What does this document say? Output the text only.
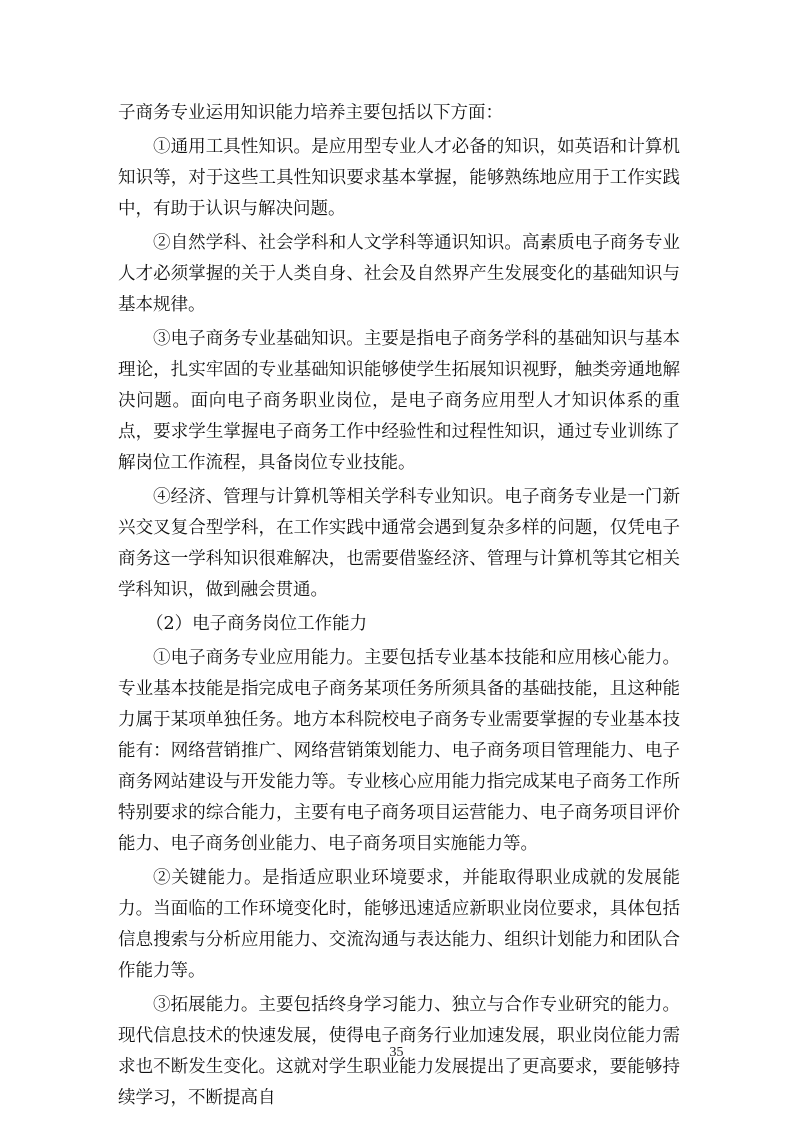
子商务专业运用知识能力培养主要包括以下方面：

①通用工具性知识。是应用型专业人才必备的知识，如英语和计算机知识等，对于这些工具性知识要求基本掌握，能够熟练地应用于工作实践中，有助于认识与解决问题。

②自然学科、社会学科和人文学科等通识知识。高素质电子商务专业人才必须掌握的关于人类自身、社会及自然界产生发展变化的基础知识与基本规律。

③电子商务专业基础知识。主要是指电子商务学科的基础知识与基本理论，扎实牢固的专业基础知识能够使学生拓展知识视野，触类旁通地解决问题。面向电子商务职业岗位，是电子商务应用型人才知识体系的重点，要求学生掌握电子商务工作中经验性和过程性知识，通过专业训练了解岗位工作流程，具备岗位专业技能。

④经济、管理与计算机等相关学科专业知识。电子商务专业是一门新兴交叉复合型学科，在工作实践中通常会遇到复杂多样的问题，仅凭电子商务这一学科知识很难解决，也需要借鉴经济、管理与计算机等其它相关学科知识，做到融会贯通。

（2）电子商务岗位工作能力

①电子商务专业应用能力。主要包括专业基本技能和应用核心能力。专业基本技能是指完成电子商务某项任务所须具备的基础技能，且这种能力属于某项单独任务。地方本科院校电子商务专业需要掌握的专业基本技能有：网络营销推广、网络营销策划能力、电子商务项目管理能力、电子商务网站建设与开发能力等。专业核心应用能力指完成某电子商务工作所特别要求的综合能力，主要有电子商务项目运营能力、电子商务项目评价能力、电子商务创业能力、电子商务项目实施能力等。

②关键能力。是指适应职业环境要求，并能取得职业成就的发展能力。当面临的工作环境变化时，能够迅速适应新职业岗位要求，具体包括信息搜索与分析应用能力、交流沟通与表达能力、组织计划能力和团队合作能力等。

③拓展能力。主要包括终身学习能力、独立与合作专业研究的能力。现代信息技术的快速发展，使得电子商务行业加速发展，职业岗位能力需求也不断发生变化。这就对学生职业能力发展提出了更高要求，要能够持续学习，不断提高自

35
